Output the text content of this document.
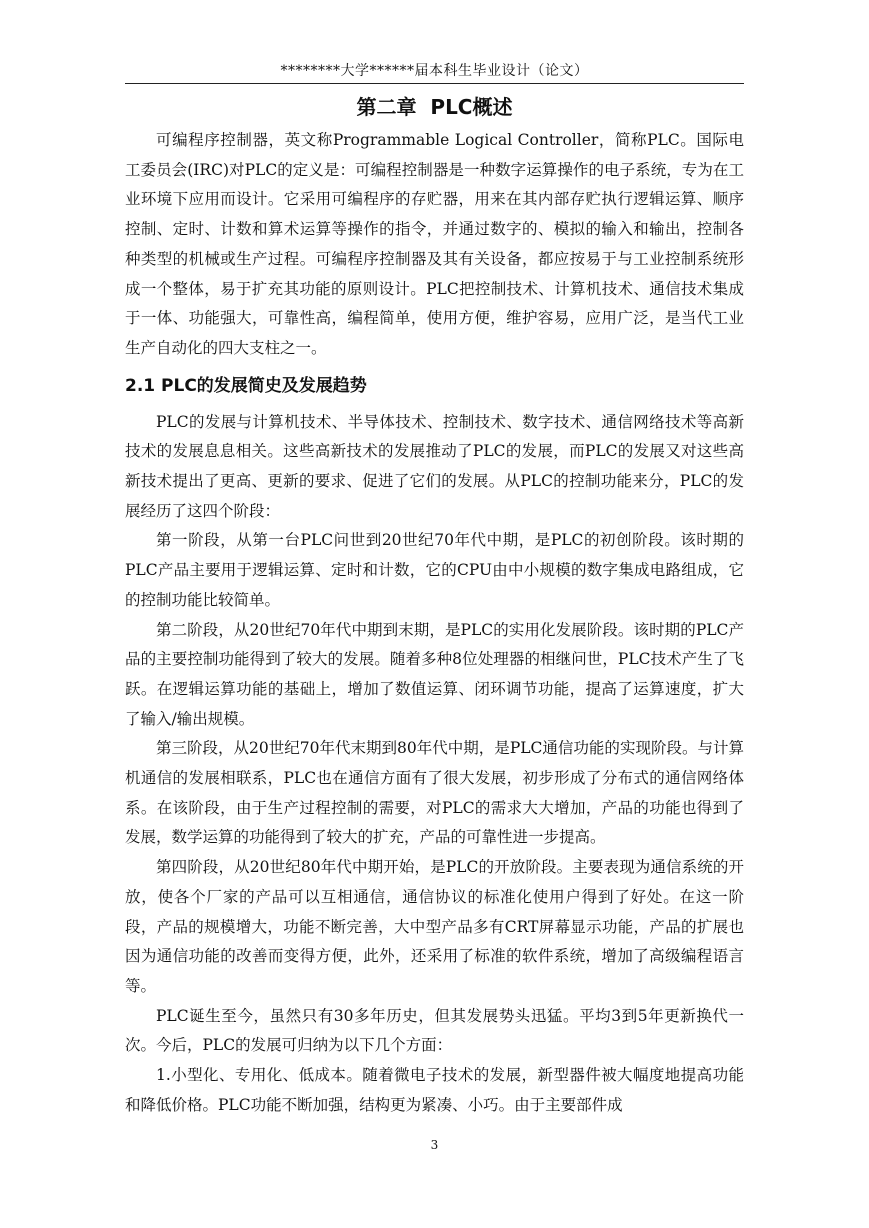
********大学******届本科生毕业设计（论文）
第二章  PLC概述

可编程序控制器，英文称Programmable Logical Controller，简称PLC。国际电工委员会(IRC)对PLC的定义是：可编程控制器是一种数字运算操作的电子系统，专为在工业环境下应用而设计。它采用可编程序的存贮器，用来在其内部存贮执行逻辑运算、顺序控制、定时、计数和算术运算等操作的指令，并通过数字的、模拟的输入和输出，控制各种类型的机械或生产过程。可编程序控制器及其有关设备，都应按易于与工业控制系统形成一个整体，易于扩充其功能的原则设计。PLC把控制技术、计算机技术、通信技术集成于一体、功能强大，可靠性高，编程简单，使用方便，维护容易，应用广泛，是当代工业生产自动化的四大支柱之一。

2.1 PLC的发展简史及发展趋势

PLC的发展与计算机技术、半导体技术、控制技术、数字技术、通信网络技术等高新技术的发展息息相关。这些高新技术的发展推动了PLC的发展，而PLC的发展又对这些高新技术提出了更高、更新的要求、促进了它们的发展。从PLC的控制功能来分，PLC的发展经历了这四个阶段：

第一阶段，从第一台PLC问世到20世纪70年代中期，是PLC的初创阶段。该时期的PLC产品主要用于逻辑运算、定时和计数，它的CPU由中小规模的数字集成电路组成，它的控制功能比较简单。

第二阶段，从20世纪70年代中期到末期，是PLC的实用化发展阶段。该时期的PLC产品的主要控制功能得到了较大的发展。随着多种8位处理器的相继问世，PLC技术产生了飞跃。在逻辑运算功能的基础上，增加了数值运算、闭环调节功能，提高了运算速度，扩大了输入/输出规模。

第三阶段，从20世纪70年代末期到80年代中期，是PLC通信功能的实现阶段。与计算机通信的发展相联系，PLC也在通信方面有了很大发展，初步形成了分布式的通信网络体系。在该阶段，由于生产过程控制的需要，对PLC的需求大大增加，产品的功能也得到了发展，数学运算的功能得到了较大的扩充，产品的可靠性进一步提高。

第四阶段，从20世纪80年代中期开始，是PLC的开放阶段。主要表现为通信系统的开放，使各个厂家的产品可以互相通信，通信协议的标准化使用户得到了好处。在这一阶段，产品的规模增大，功能不断完善，大中型产品多有CRT屏幕显示功能，产品的扩展也因为通信功能的改善而变得方便，此外，还采用了标准的软件系统，增加了高级编程语言等。

PLC诞生至今，虽然只有30多年历史，但其发展势头迅猛。平均3到5年更新换代一次。今后，PLC的发展可归纳为以下几个方面：

1.小型化、专用化、低成本。随着微电子技术的发展，新型器件被大幅度地提高功能和降低价格。PLC功能不断加强，结构更为紧凑、小巧。由于主要部件成

3
